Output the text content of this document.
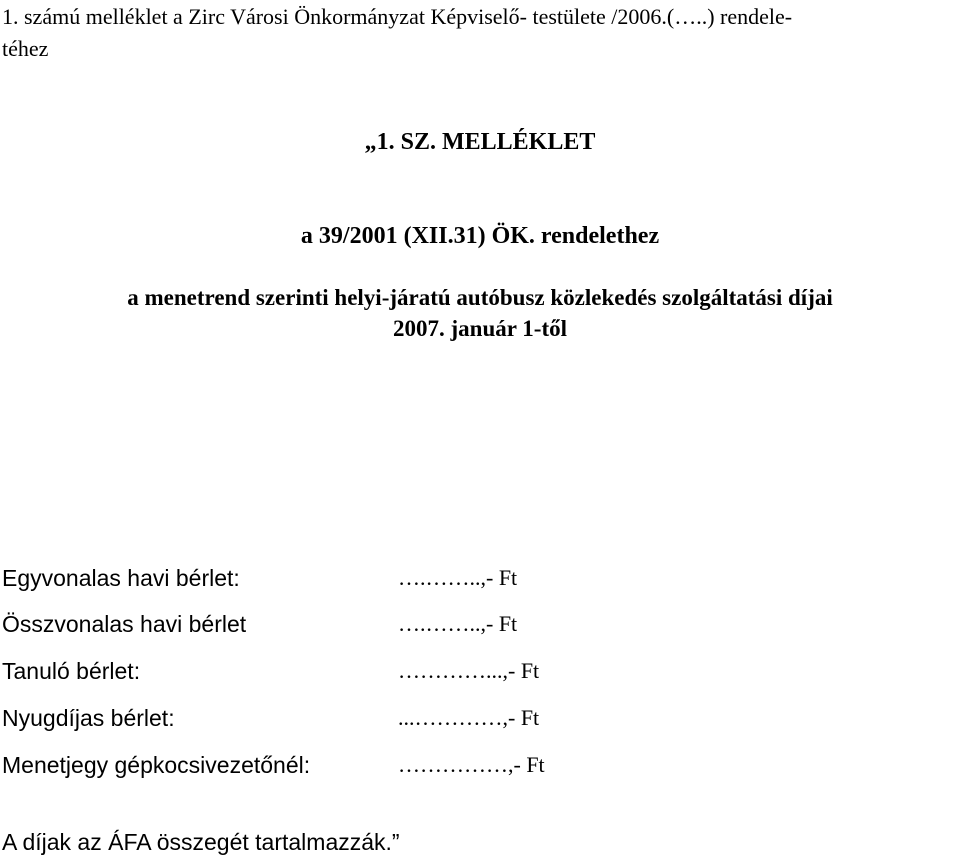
1. számú melléklet a Zirc Városi Önkormányzat Képviselő- testülete /2006.(…..) rendele-
téhez
„1. SZ. MELLÉKLET
a 39/2001 (XII.31) ÖK. rendelethez
a menetrend szerinti helyi-járatú autóbusz közlekedés szolgáltatási díjai
2007. január 1-től
Egyvonalas havi bérlet:	….……..,- Ft
Összvonalas havi bérlet	….……..,- Ft
Tanuló bérlet:	…………...,- Ft
Nyugdíjas bérlet:	...…………,- Ft
Menetjegy gépkocsivezetőnél:	……………,- Ft
A díjak az ÁFA összegét tartalmazzák.”
